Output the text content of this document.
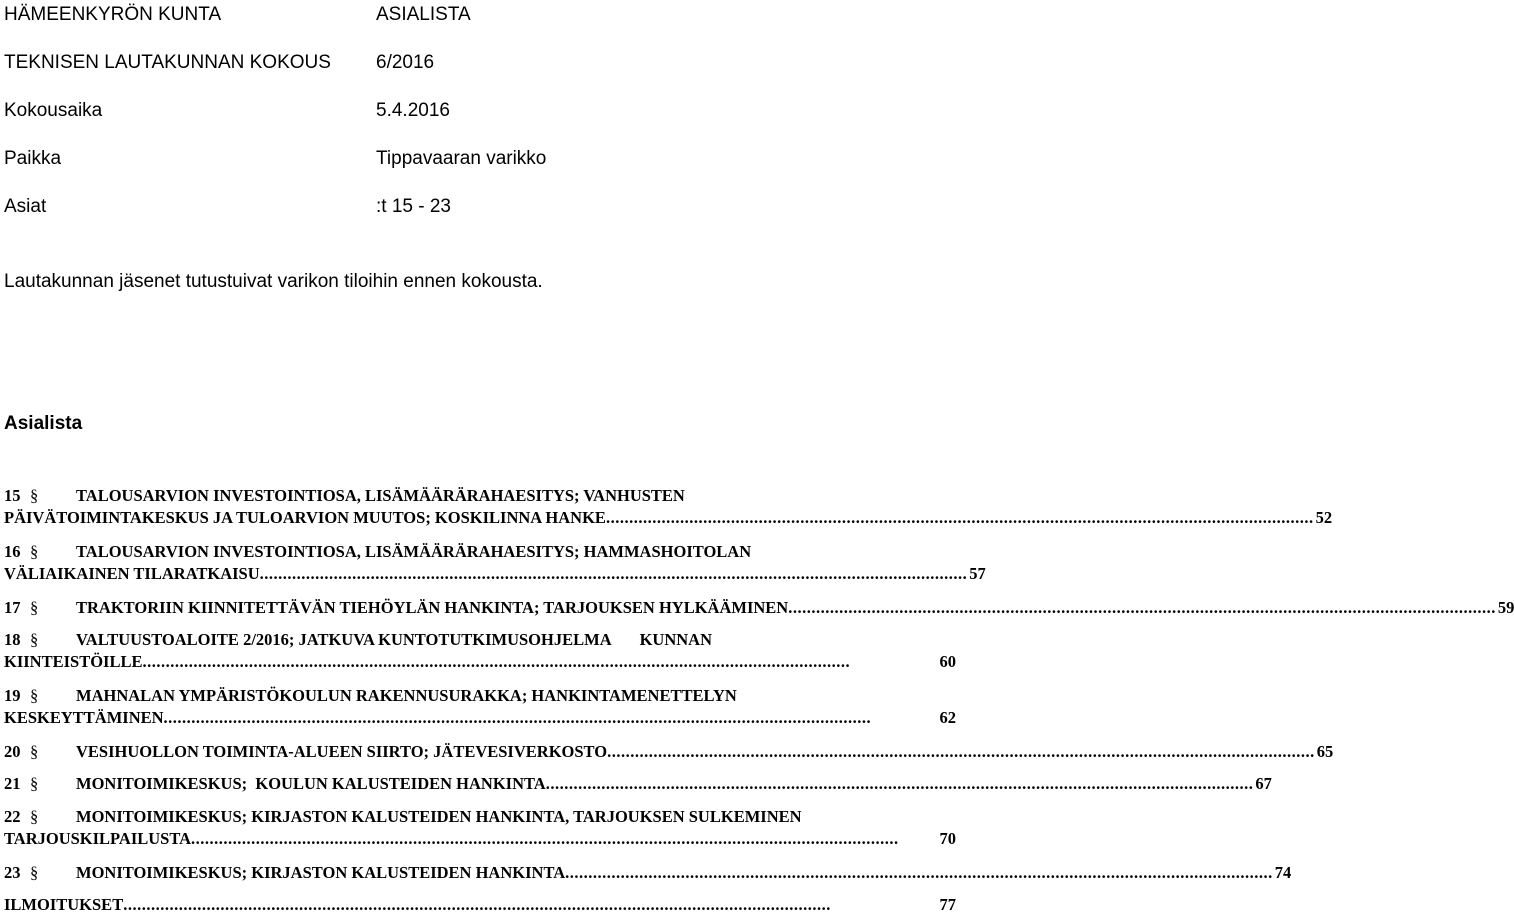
HÄMEENKYRÖN KUNTA	ASIALISTA
TEKNISEN LAUTAKUNNAN KOKOUS 6/2016
Kokousaika	5.4.2016
Paikka	Tippavaaran varikko
Asiat	:t 15 - 23
Lautakunnan jäsenet tutustuivat varikon tiloihin ennen kokousta.
Asialista
15 § TALOUSARVION INVESTOINTIOSA, LISÄMÄÄRÄRAHAESITYS; VANHUSTEN
PÄIVÄTOIMINTAKESKUS JA TULOARVION MUUTOS; KOSKILINNA HANKE ......................................................................................................................................................... 52
16 § TALOUSARVION INVESTOINTIOSA, LISÄMÄÄRÄRAHAESITYS; HAMMASHOITOLAN
VÄLIAIKAINEN TILARATKAISU ......................................................................................................................................................... 57
17 § TRAKTORIIN KIINNITETTÄVÄN TIEHÖYLÄN HANKINTA; TARJOUKSEN HYLKÄÄMINEN ......................................................................................................................................................... 59
18 § VALTUUSTOALOITE 2/2016; JATKUVA KUNTOTUTKIMUSOHJELMA       KUNNAN
KIINTEISTÖILLE .........................................................................................................................................................	60
19 § MAHNALAN YMPÄRISTÖKOULUN RAKENNUSURAKKA; HANKINTAMENETTELYN
KESKEYTTÄMINEN .........................................................................................................................................................	62
20 § VESIHUOLLON TOIMINTA-ALUEEN SIIRTO; JÄTEVESIVERKOSTO ......................................................................................................................................................... 65
21 § MONITOIMIKESKUS;  KOULUN KALUSTEIDEN HANKINTA ......................................................................................................................................................... 67
22 § MONITOIMIKESKUS; KIRJASTON KALUSTEIDEN HANKINTA, TARJOUKSEN SULKEMINEN
TARJOUSKILPAILUSTA .........................................................................................................................................................	70
23 § MONITOIMIKESKUS; KIRJASTON KALUSTEIDEN HANKINTA ......................................................................................................................................................... 74
ILMOITUKSET .........................................................................................................................................................	77
